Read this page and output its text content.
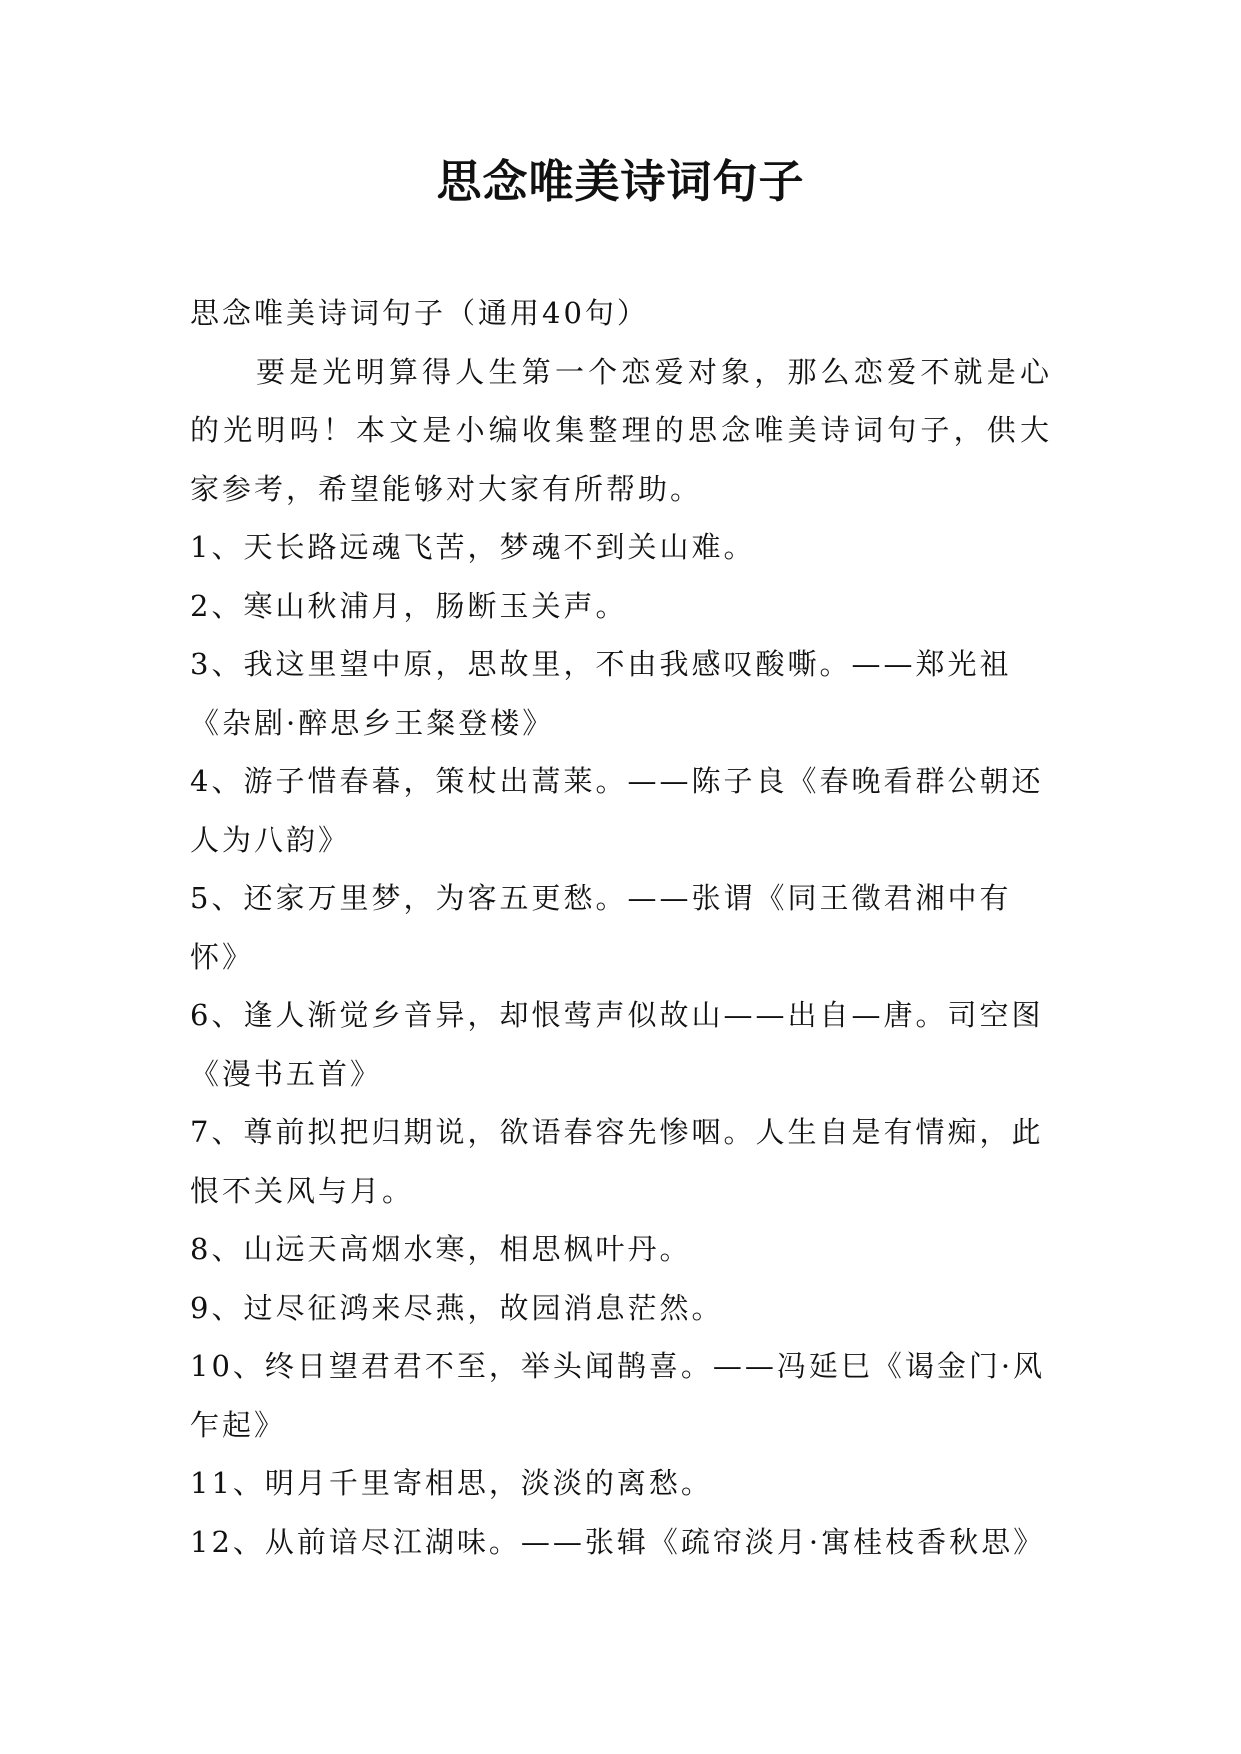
思念唯美诗词句子

思念唯美诗词句子（通用40句）

要是光明算得人生第一个恋爱对象，那么恋爱不就是心的光明吗！本文是小编收集整理的思念唯美诗词句子，供大家参考，希望能够对大家有所帮助。

1、天长路远魂飞苦，梦魂不到关山难。

2、寒山秋浦月，肠断玉关声。

3、我这里望中原，思故里，不由我感叹酸嘶。——郑光祖《杂剧·醉思乡王粲登楼》

4、游子惜春暮，策杖出蒿莱。——陈子良《春晚看群公朝还人为八韵》

5、还家万里梦，为客五更愁。——张谓《同王徵君湘中有怀》

6、逢人渐觉乡音异，却恨莺声似故山——出自—唐。司空图《漫书五首》

7、尊前拟把归期说，欲语春容先惨咽。人生自是有情痴，此恨不关风与月。

8、山远天高烟水寒，相思枫叶丹。

9、过尽征鸿来尽燕，故园消息茫然。

10、终日望君君不至，举头闻鹊喜。——冯延巳《谒金门·风乍起》

11、明月千里寄相思，淡淡的离愁。

12、从前谙尽江湖味。——张辑《疏帘淡月·寓桂枝香秋思》
